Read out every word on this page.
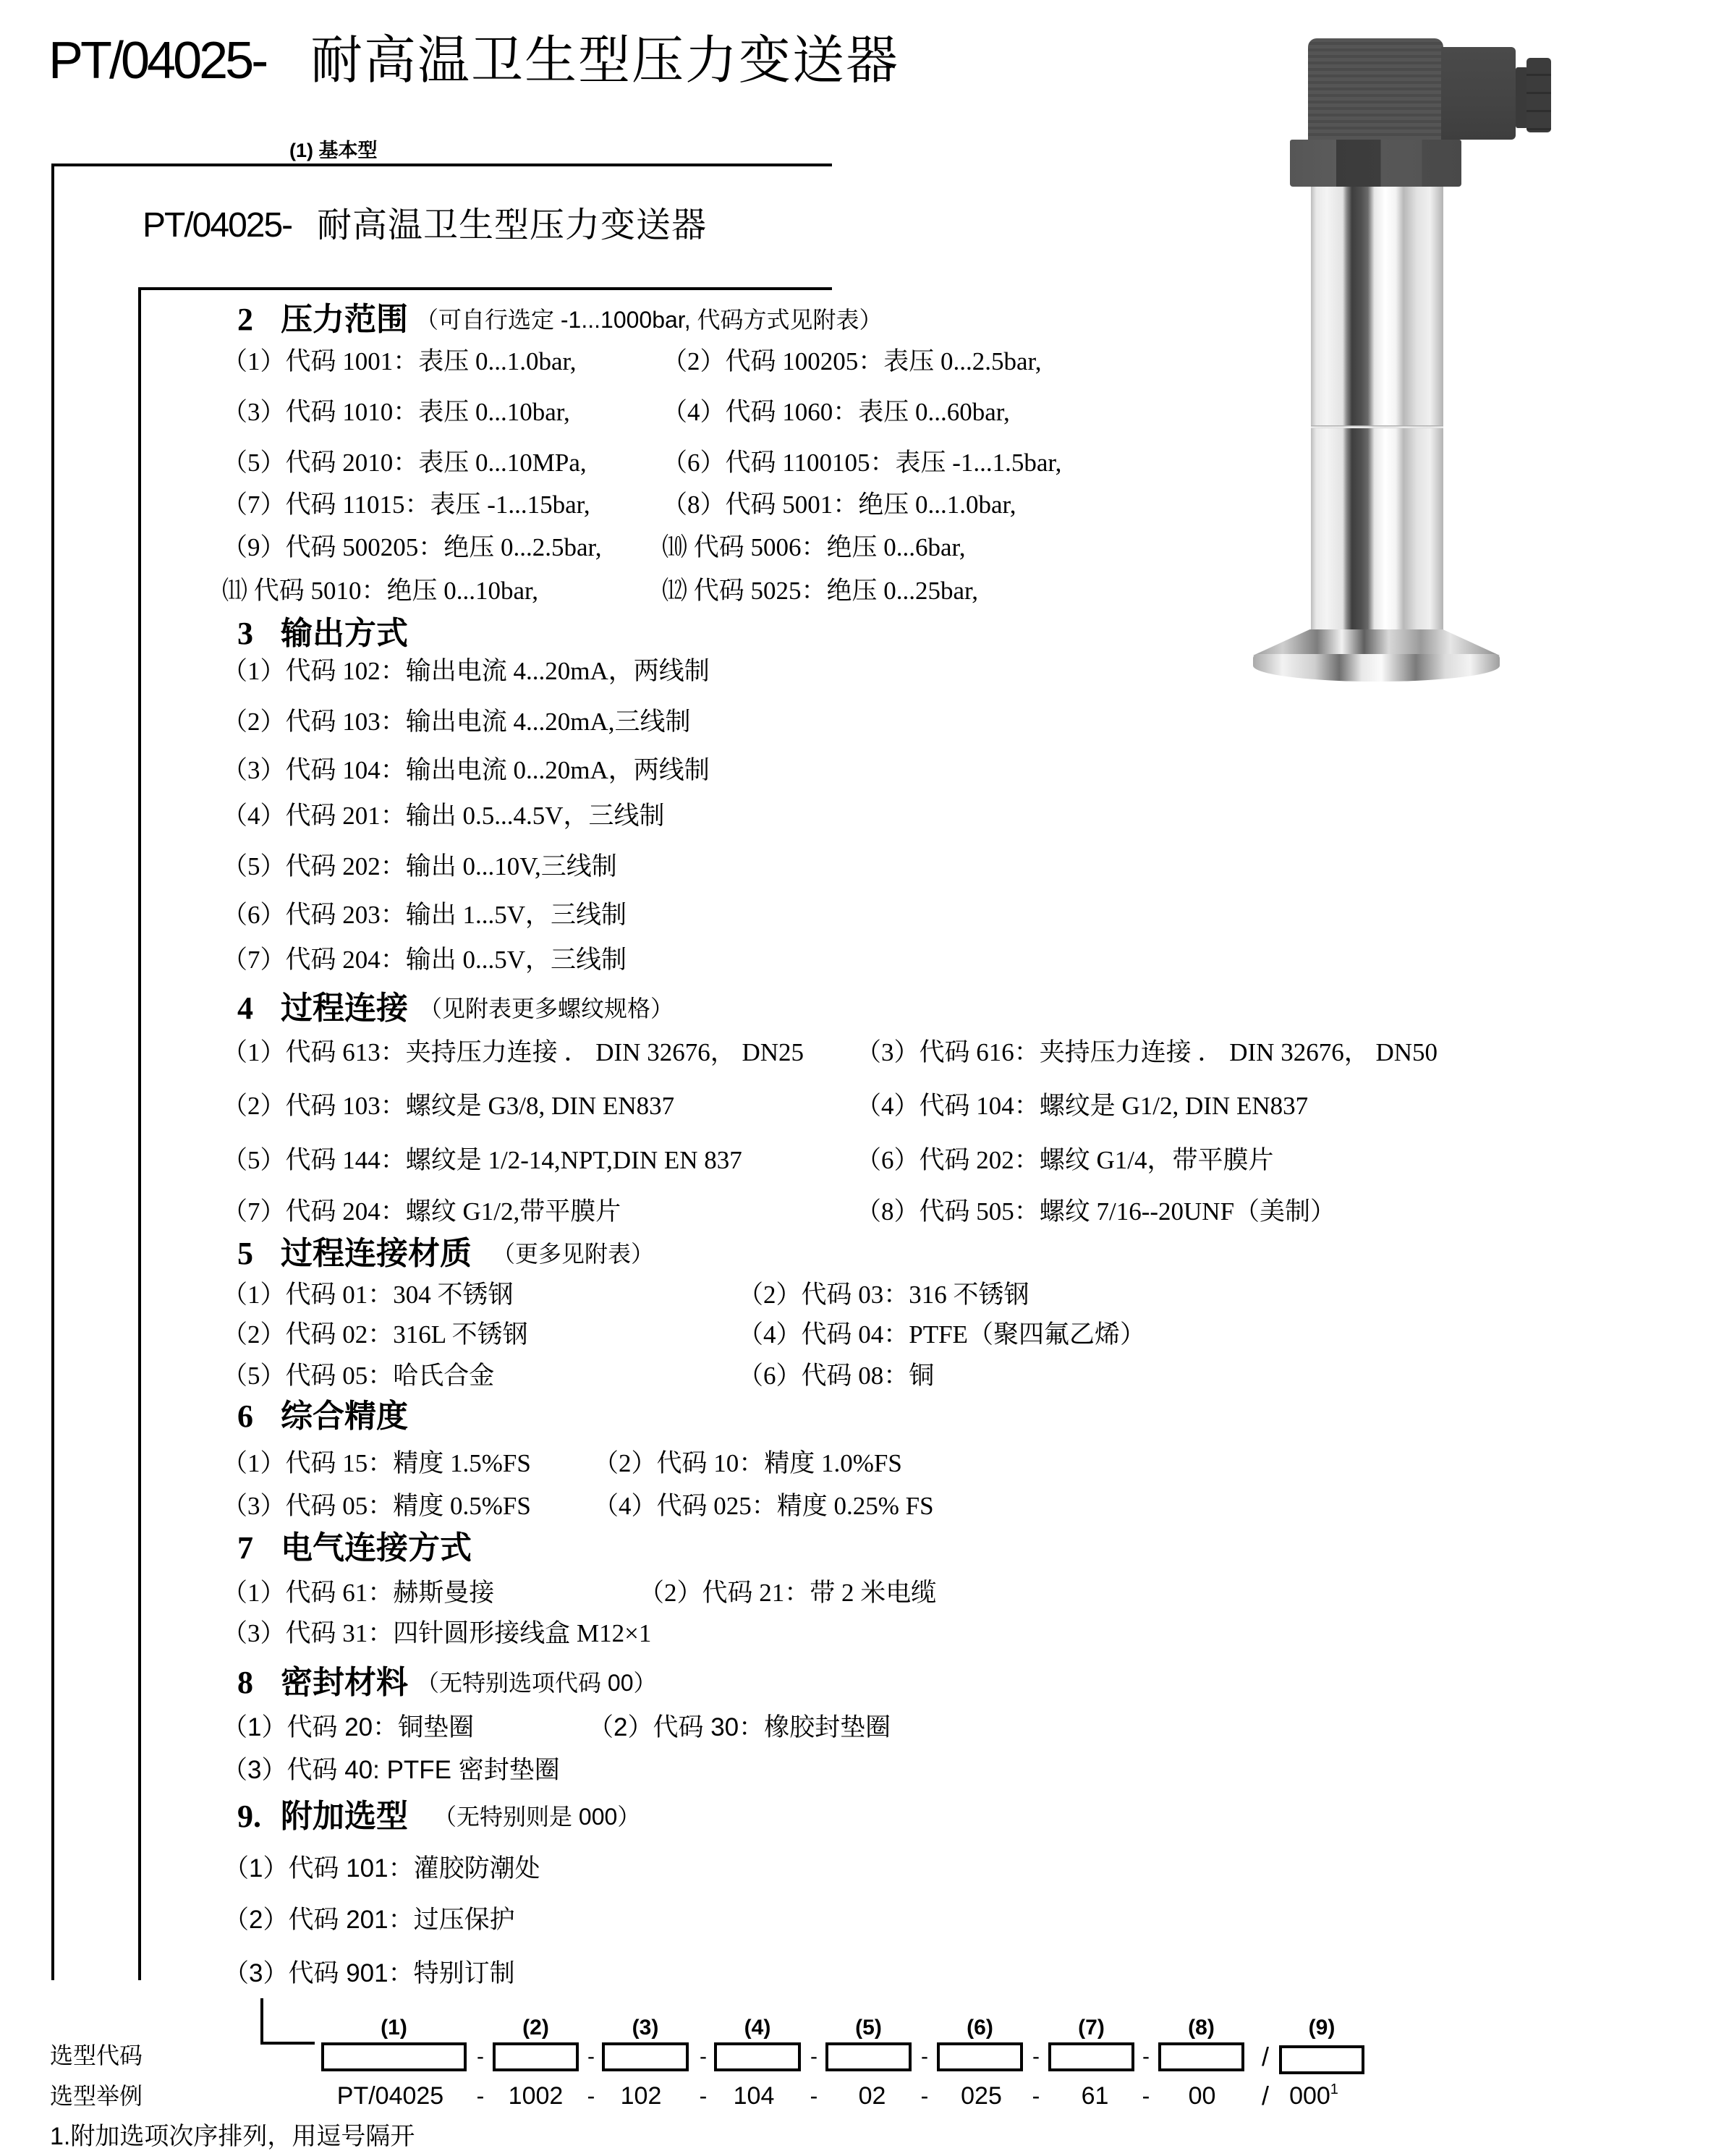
PT/04025- 耐高温卫生型压力变送器
(1) 基本型
PT/04025- 耐高温卫生型压力变送器
2 压力范围 （可自行选定 -1...1000bar, 代码方式见附表）
（1）代码 1001：表压 0...1.0bar,	（2）代码 100205：表压 0...2.5bar,
（3）代码 1010：表压 0...10bar,	（4）代码 1060：表压 0...60bar,
（5）代码 2010：表压 0...10MPa,	（6）代码 1100105：表压 -1...1.5bar,
（7）代码 11015：表压 -1...15bar,	（8）代码 5001：绝压 0...1.0bar,
（9）代码 500205：绝压 0...2.5bar, ⑽ 代码 5006：绝压 0...6bar,
⑾ 代码 5010：绝压 0...10bar,	⑿ 代码 5025：绝压 0...25bar,
3 输出方式
（1）代码 102：输出电流 4...20mA，两线制
（2）代码 103：输出电流 4...20mA,三线制
（3）代码 104：输出电流 0...20mA，两线制
（4）代码 201：输出 0.5...4.5V，三线制
（5）代码 202：输出 0...10V,三线制
（6）代码 203：输出 1...5V，三线制
（7）代码 204：输出 0...5V，三线制
4 过程连接 （见附表更多螺纹规格）
（1）代码 613：夹持压力连接 ． DIN 32676， DN25 （3）代码 616：夹持压力连接 ． DIN 32676， DN50
（2）代码 103：螺纹是 G3/8, DIN EN837	（4）代码 104：螺纹是 G1/2, DIN EN837
（5）代码 144：螺纹是 1/2-14,NPT,DIN EN 837	（6）代码 202：螺纹 G1/4，带平膜片
（7）代码 204：螺纹 G1/2,带平膜片	（8）代码 505：螺纹 7/16--20UNF（美制）
5 过程连接材质 （更多见附表）
（1）代码 01：304 不锈钢	（2）代码 03：316 不锈钢
（2）代码 02：316L 不锈钢	（4）代码 04：PTFE（聚四氟乙烯）
（5）代码 05：哈氏合金	（6）代码 08：铜
6 综合精度
（1）代码 15：精度 1.5%FS （2）代码 10：精度 1.0%FS
（3）代码 05：精度 0.5%FS （4）代码 025：精度 0.25% FS
7 电气连接方式
（1）代码 61：赫斯曼接	（2）代码 21：带 2 米电缆
（3）代码 31：四针圆形接线盒 M12×1
8 密封材料 （无特别选项代码 00）
（1）代码 20：铜垫圈	（2）代码 30：橡胶封垫圈
（3）代码 40: PTFE 密封垫圈
9. 附加选型 （无特别则是 000）
（1）代码 101：灌胶防潮处
（2）代码 201：过压保护
（3）代码 901：特别订制
选型代码
选型举例
(1)	(2)	(3)	(4)	(5)	(6)	(7)	(8)	(9)
-	-	-	-	-	-	-	/
PT/04025	1002	102	104	02	025	61	00	$000^1$
-	-	-	-	-	-	-	/
1.附加选项次序排列，用逗号隔开
